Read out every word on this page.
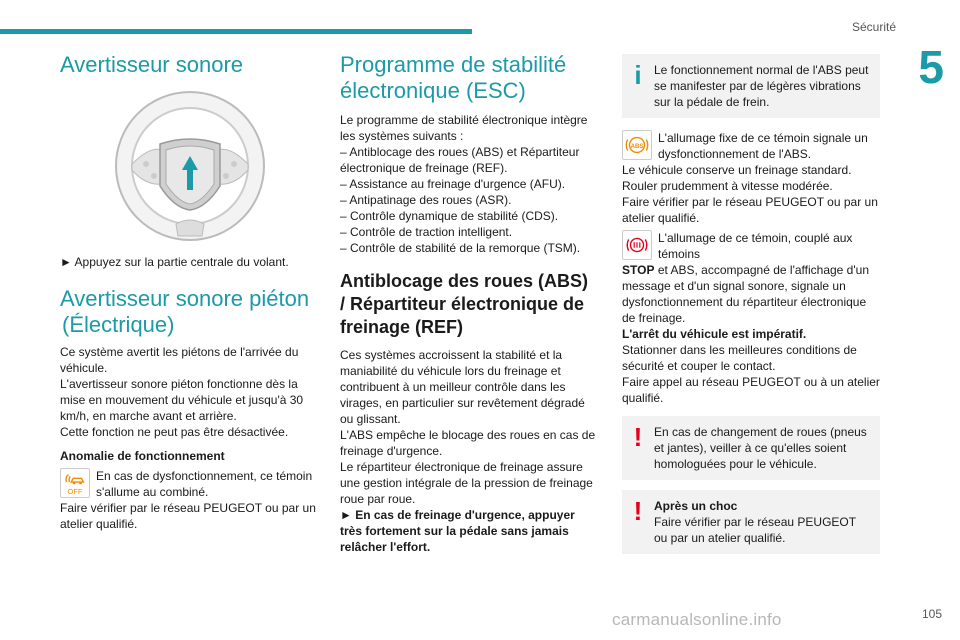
Sécurité
5
Avertisseur sonore

► Appuyez sur la partie centrale du volant.

Avertisseur sonore piéton
(Électrique)

Ce système avertit les piétons de l'arrivée du véhicule.

L'avertisseur sonore piéton fonctionne dès la mise en mouvement du véhicule et jusqu'à 30 km/h, en marche avant et arrière.

Cette fonction ne peut pas être désactivée.

Anomalie de fonctionnement
OFF

En cas de dysfonctionnement, ce témoin s'allume au combiné.

Faire vérifier par le réseau PEUGEOT ou par un atelier qualifié.

Programme de stabilité
électronique (ESC)

Le programme de stabilité électronique intègre les systèmes suivants :

– Antiblocage des roues (ABS) et Répartiteur électronique de freinage (REF).

– Assistance au freinage d'urgence (AFU).

– Antipatinage des roues (ASR).

– Contrôle dynamique de stabilité (CDS).

– Contrôle de traction intelligent.

– Contrôle de stabilité de la remorque (TSM).

Antiblocage des roues (ABS) / Répartiteur électronique de freinage (REF)

Ces systèmes accroissent la stabilité et la maniabilité du véhicule lors du freinage et contribuent à un meilleur contrôle dans les virages, en particulier sur revêtement dégradé ou glissant.

L'ABS empêche le blocage des roues en cas de freinage d'urgence.

Le répartiteur électronique de freinage assure une gestion intégrale de la pression de freinage roue par roue.

► En cas de freinage d'urgence, appuyer très fortement sur la pédale sans jamais relâcher l'effort.

i	Le fonctionnement normal de l'ABS peut se manifester par de légères vibrations sur la pédale de frein.

ABS

L'allumage fixe de ce témoin signale un dysfonctionnement de l'ABS.

Le véhicule conserve un freinage standard.

Rouler prudemment à vitesse modérée.

Faire vérifier par le réseau PEUGEOT ou par un atelier qualifié.

L'allumage de ce témoin, couplé aux témoins

STOP et ABS, accompagné de l'affichage d'un message et d'un signal sonore, signale un dysfonctionnement du répartiteur électronique de freinage.

L'arrêt du véhicule est impératif.

Stationner dans les meilleures conditions de sécurité et couper le contact.

Faire appel au réseau PEUGEOT ou à un atelier qualifié.

! En cas de changement de roues (pneus et jantes), veiller à ce qu'elles soient homologuées pour le véhicule.

! Après un choc

Faire vérifier par le réseau PEUGEOT ou par un atelier qualifié.

105
carmanualsonline.info
